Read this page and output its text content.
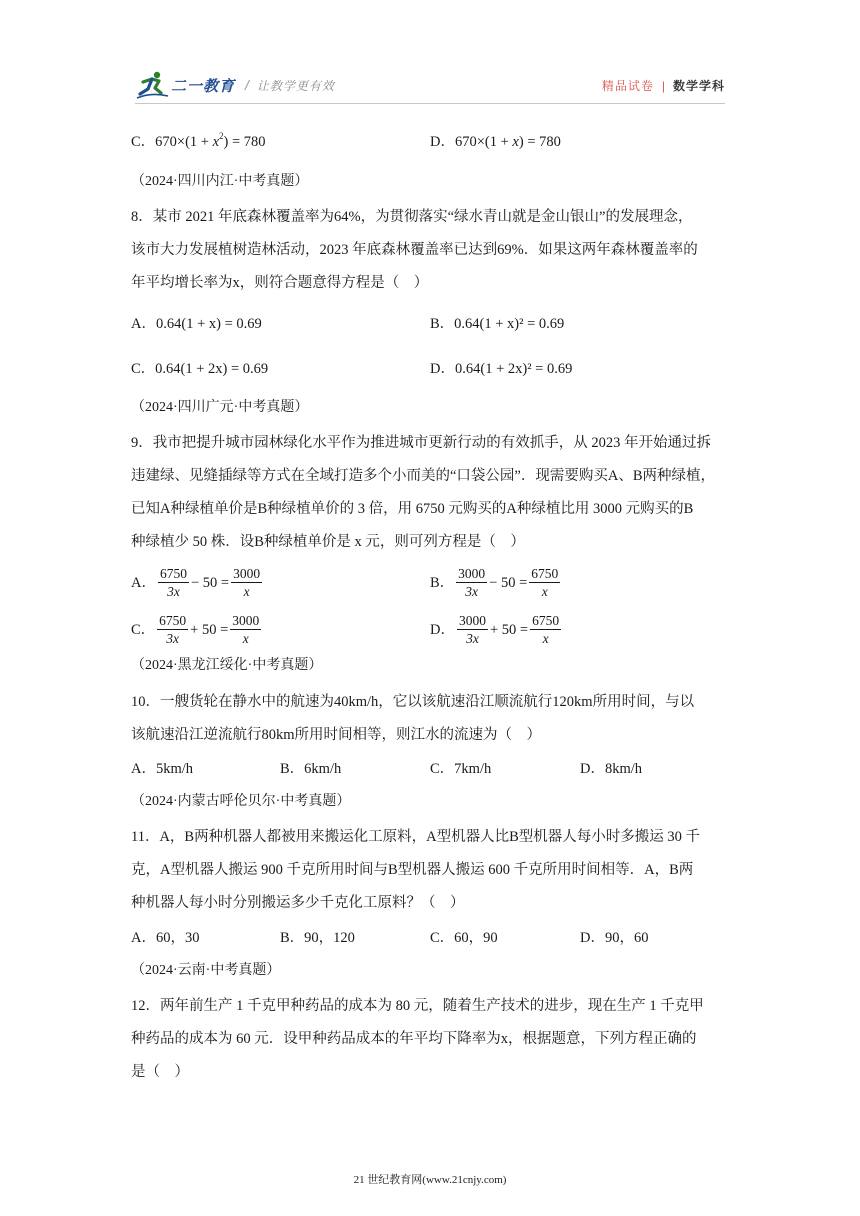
二一教育 / 让教学更有效	精品试卷 | 数学学科
C．$670\times(1 + x^2) = 780$	D．670×(1 + x) = 780
（2024·四川内江·中考真题）
8．某市 2021 年底森林覆盖率为64%，为贯彻落实“绿水青山就是金山银山”的发展理念，
该市大力发展植树造林活动，2023 年底森林覆盖率已达到69%．如果这两年森林覆盖率的
年平均增长率为x，则符合题意得方程是（　）
A．0.64(1 + x) = 0.69	B．0.64(1 + x)² = 0.69
C．0.64(1 + 2x) = 0.69	D．0.64(1 + 2x)² = 0.69
（2024·四川广元·中考真题）
9．我市把提升城市园林绿化水平作为推进城市更新行动的有效抓手，从 2023 年开始通过拆
违建绿、见缝插绿等方式在全域打造多个小而美的“口袋公园”．现需要购买A、B两种绿植，
已知A种绿植单价是B种绿植单价的 3 倍，用 6750 元购买的A种绿植比用 3000 元购买的B
种绿植少 50 株．设B种绿植单价是 x 元，则可列方程是（　）
A． $\frac{6750}{3x} - 50 = \frac{3000}{x}$	B． $\frac{3000}{3x} - 50 = \frac{6750}{x}$
C． $\frac{6750}{3x} + 50 = \frac{3000}{x}$	D． $\frac{3000}{3x} + 50 = \frac{6750}{x}$
（2024·黑龙江绥化·中考真题）
10．一艘货轮在静水中的航速为40km/h，它以该航速沿江顺流航行120km所用时间，与以
该航速沿江逆流航行80km所用时间相等，则江水的流速为（　）
A．5km/h	B．6km/h	C．7km/h	D．8km/h
（2024·内蒙古呼伦贝尔·中考真题）
11．A，B两种机器人都被用来搬运化工原料，A型机器人比B型机器人每小时多搬运 30 千
克，A型机器人搬运 900 千克所用时间与B型机器人搬运 600 千克所用时间相等．A，B两
种机器人每小时分别搬运多少千克化工原料？（　）
A．60，30	B．90，120	C．60，90	D．90，60
（2024·云南·中考真题）
12．两年前生产 1 千克甲种药品的成本为 80 元，随着生产技术的进步，现在生产 1 千克甲
种药品的成本为 60 元．设甲种药品成本的年平均下降率为x，根据题意，下列方程正确的
是（　）
21 世纪教育网(www.21cnjy.com)
